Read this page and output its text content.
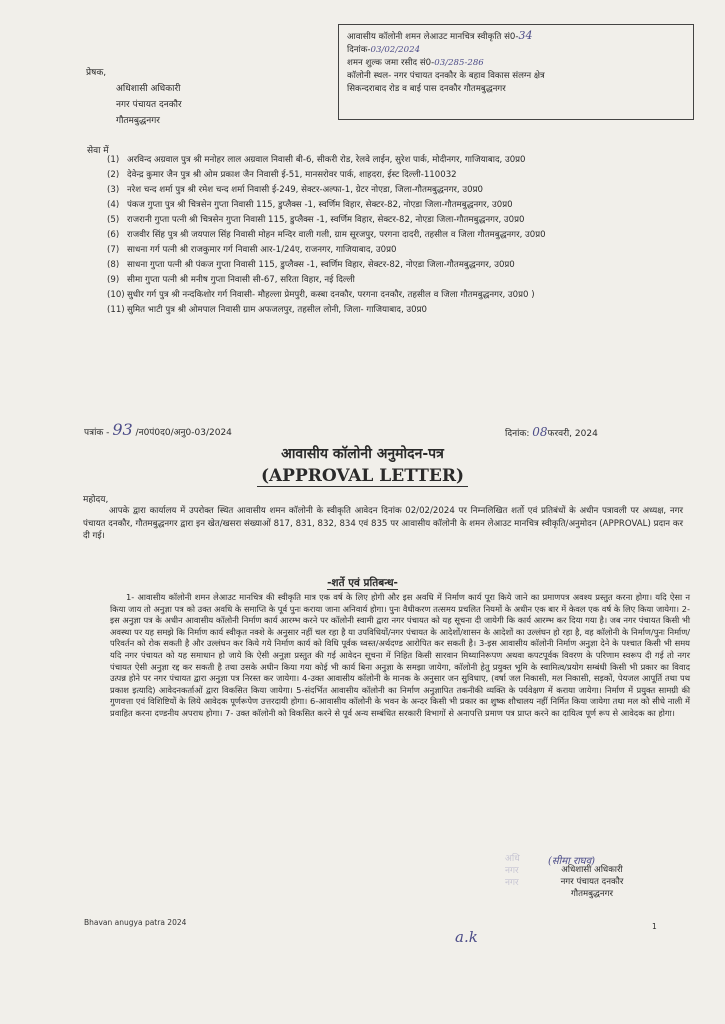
आवासीय कॉलोनी शमन लेआउट मानचित्र स्वीकृति सं0-34
दिनांक-03/02/2024
शमन शुल्क जमा रसीद सं0-03/285-286
कॉलोनी स्थल- नगर पंचायत दनकौर के बहाव विकास संलग्न क्षेत्र
सिकन्दराबाद रोड व बाई पास दनकौर गौतमबुद्धनगर
प्रेषक,
अधिशासी अधिकारी
नगर पंचायत दनकौर
गौतमबुद्धनगर
सेवा में
(1) अरविन्द अग्रवाल पुत्र श्री मनोहर लाल अग्रवाल निवासी बी-6, सीकरी रोड, रेलवे लाईन, सुरेश पार्क, मोदीनगर, गाजियाबाद, उ0प्र0
(2) देवेन्द्र कुमार जैन पुत्र श्री ओम प्रकाश जैन निवासी ई-51, मानसरोवर पार्क, शाहदरा, ईस्ट दिल्ली-110032
(3) नरेश चन्द शर्मा पुत्र श्री रमेश चन्द शर्मा निवासी ई-249, सेक्टर-अल्फा-1, ग्रेटर नोएडा, जिला-गौतमबुद्धनगर, उ0प्र0
(4) पंकज गुप्ता पुत्र श्री चित्रसेन गुप्ता निवासी 115, डुप्लैक्स -1, स्वर्णिम विहार, सेक्टर-82, नोएडा जिला-गौतमबुद्धनगर, उ0प्र0
(5) राजरानी गुप्ता पत्नी श्री चित्रसेन गुप्ता निवासी 115, डुप्लैक्स -1, स्वर्णिम विहार, सेक्टर-82, नोएडा जिला-गौतमबुद्धनगर, उ0प्र0
(6) राजवीर सिंह पुत्र श्री जयपाल सिंह निवासी मोहन मन्दिर वाली गली, ग्राम सूरजपुर, परगना दादरी, तहसील व जिला गौतमबुद्धनगर, उ0प्र0
(7) साधना गर्ग पत्नी श्री राजकुमार गर्ग निवासी आर-1/24ए, राजनगर, गाजियाबाद, उ0प्र0
(8) साधना गुप्ता पत्नी श्री पंकज गुप्ता निवासी 115, डुप्लैक्स -1, स्वर्णिम विहार, सेक्टर-82, नोएडा जिला-गौतमबुद्धनगर, उ0प्र0
(9) सीमा गुप्ता पत्नी श्री मनीष गुप्ता निवासी सी-67, सरिता विहार, नई दिल्ली
(10) सुधीर गर्ग पुत्र श्री नन्दकिशोर गर्ग निवासी- मौहल्ला प्रेमपुरी, कस्बा दनकौर, परगना दनकौर, तहसील व जिला गौतमबुद्धनगर, उ0प्र0 )
(11) सुमित भाटी पुत्र श्री ओमपाल निवासी ग्राम अफजलपुर, तहसील लोनी, जिला- गाजियाबाद, उ0प्र0
पत्रांक - 93 /न0पं0द0/अनु0-03/2024	दिनांक: 08फरवरी, 2024
आवासीय कॉलोनी अनुमोदन-पत्र
(APPROVAL LETTER)
महोदय,
आपके द्वारा कार्यालय में उपरोक्त स्थित आवासीय शमन कॉलोनी के स्वीकृति आवेदन दिनांक 02/02/2024 पर निम्नलिखित शर्तो एवं प्रतिबंधों के अधीन पत्रावली पर अध्यक्ष, नगर पंचायत दनकौर, गौतमबुद्धनगर द्वारा इन खेत/खसरा संख्याओं 817, 831, 832, 834 एवं 835 पर आवासीय कॉलोनी के शमन लेआउट मानचित्र स्वीकृति/अनुमोदन (APPROVAL) प्रदान कर दी गई।
-शर्ते एवं प्रतिबन्ध-
1- आवासीय कॉलोनी शमन लेआउट मानचित्र की स्वीकृति मात्र एक वर्ष के लिए होगी और इस अवधि में निर्माण कार्य पूरा किये जाने का प्रमाणपत्र अवश्य प्रस्तुत करना होगा। यदि ऐसा न किया जाय तो अनुज्ञा पत्र को उक्त अवधि के समाप्ति के पूर्व पुनः कराया जाना अनिवार्य होगा। पुनः वैधीकरण तत्समय प्रचलित नियमों के अधीन एक बार में केवल एक वर्ष के लिए किया जायेगा। 2-इस अनुज्ञा पत्र के अधीन आवासीय कॉलोनी निर्माण कार्य आरम्भ करने पर कॉलोनी स्वामी द्वारा नगर पंचायत को यह सूचना दी जायेगी कि कार्य आरम्भ कर दिया गया है। जब नगर पंचायत किसी भी अवस्था पर यह समझे कि निर्माण कार्य स्वीकृत नक्शे के अनुसार नहीं चल रहा है या उपविधियों/नगर पंचायत के आदेशों/शासन के आदेशों का उल्लंघन हो रहा है, वह कॉलोनी के निर्माण/पुनः निर्माण/परिवर्तन को रोक सकती है और उल्लंघन कर किये गये निर्माण कार्य को विधि पूर्वक ध्वस्त/अर्थदण्ड आरोपित कर सकती है। 3-इस आवासीय कॉलोनी निर्माण अनुज्ञा देने के पश्चात किसी भी समय यदि नगर पंचायत को यह समाधान हो जाये कि ऐसी अनुज्ञा प्रस्तुत की गई आवेदन सूचना में निहित किसी सारवान मिथ्यानिरूपण अथवा कपटपूर्वक विवरण के परिणाम स्वरूप दी गई तो नगर पंचायत ऐसी अनुज्ञा रद्द कर सकती है तथा उसके अधीन किया गया कोई भी कार्य बिना अनुज्ञा के समझा जायेगा, कॉलोनी हेतु प्रयुक्त भूमि के स्वामित्व/प्रयोग सम्बंधी किसी भी प्रकार का विवाद उत्पन्न होने पर नगर पंचायत द्वारा अनुज्ञा पत्र निरस्त कर जायेगा। 4-उक्त आवासीय कॉलोनी के मानक के अनुसार जन सुविधाए, (वर्षा जल निकासी, मल निकासी, सड़कों, पेयजल आपूर्ति तथा पथ प्रकाश इत्यादि) आवेदनकर्ताओं द्वारा विकसित किया जायेगा। 5-संदर्भित आवासीय कॉलोनी का निर्माण अनुज्ञापित तकनीकी व्यक्ति के पर्यवेक्षण में कराया जायेगा। निर्माण में प्रयुक्त सामग्री की गुणवत्ता एवं विशिष्टियों के लिये आवेदक पूर्णरूपेण उत्तरदायी होगा। 6-आवासीय कॉलोनी के भवन के अन्दर किसी भी प्रकार का शुष्क शौचालय नहीं निर्मित किया जायेगा तथा मल को सीधे नाली में प्रवाहित करना दण्डनीय अपराध होगा। 7- उक्त कॉलोनी को विकसित करने से पूर्व अन्य सम्बंधित सरकारी विभागों से अनापत्ति प्रमाण पत्र प्राप्त करने का दायित्व पूर्ण रूप से आवेदक का होगा।
अधि
नगर
नगर
(सीमा राघव)
अधिशासी अधिकारी
नगर पंचायत दनकौर
गौतमबुद्धनगर
Bhavan anugya patra 2024	1
a.k
